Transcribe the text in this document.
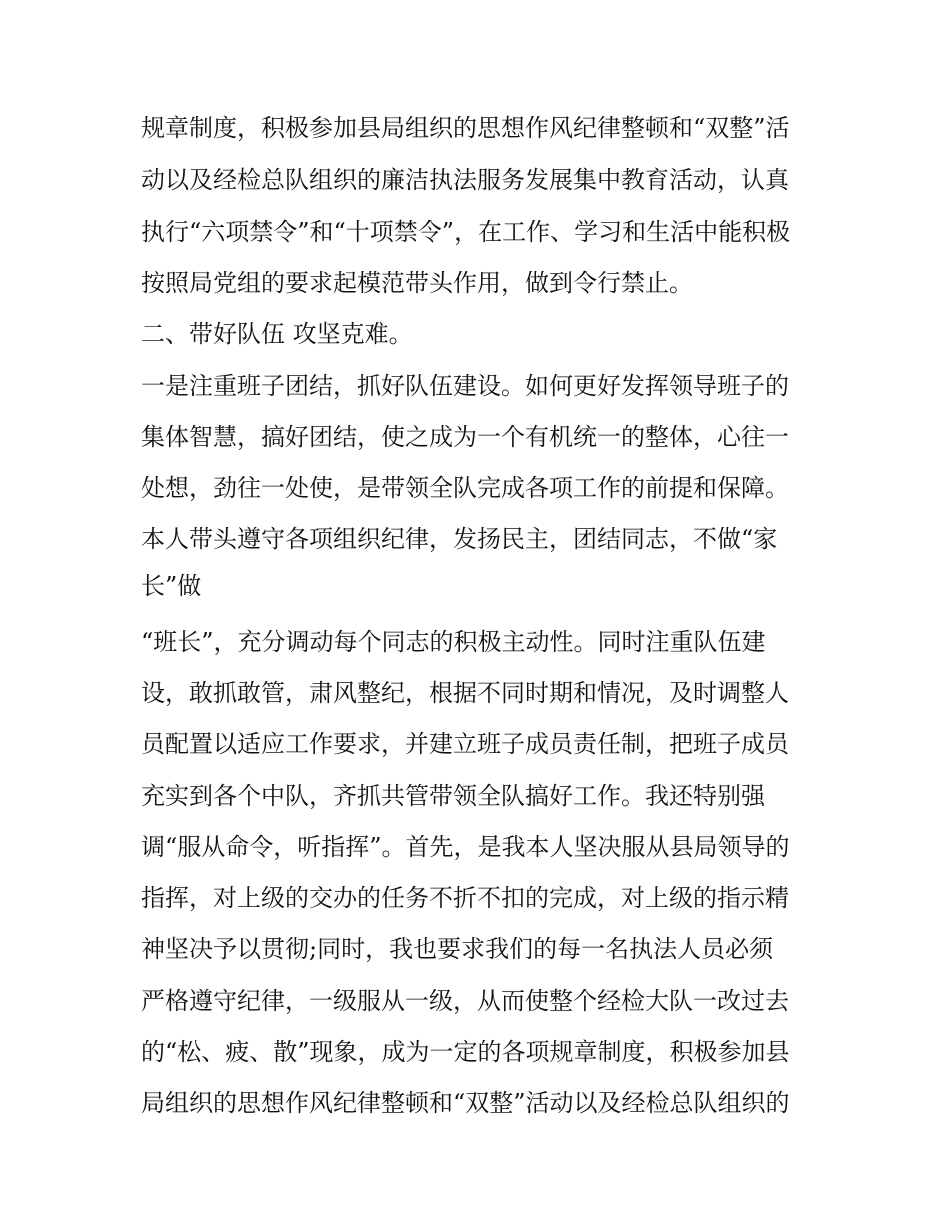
规章制度，积极参加县局组织的思想作风纪律整顿和“双整”活
动以及经检总队组织的廉洁执法服务发展集中教育活动，认真
执行“六项禁令”和“十项禁令”，在工作、学习和生活中能积极
按照局党组的要求起模范带头作用，做到令行禁止。
二、带好队伍 攻坚克难。
一是注重班子团结，抓好队伍建设。如何更好发挥领导班子的
集体智慧，搞好团结，使之成为一个有机统一的整体，心往一
处想，劲往一处使，是带领全队完成各项工作的前提和保障。
本人带头遵守各项组织纪律，发扬民主，团结同志，不做“家
长”做
“班长”，充分调动每个同志的积极主动性。同时注重队伍建
设，敢抓敢管，肃风整纪，根据不同时期和情况，及时调整人
员配置以适应工作要求，并建立班子成员责任制，把班子成员
充实到各个中队，齐抓共管带领全队搞好工作。我还特别强
调“服从命令，听指挥”。首先，是我本人坚决服从县局领导的
指挥，对上级的交办的任务不折不扣的完成，对上级的指示精
神坚决予以贯彻;同时，我也要求我们的每一名执法人员必须
严格遵守纪律，一级服从一级，从而使整个经检大队一改过去
的“松、疲、散”现象，成为一定的各项规章制度，积极参加县
局组织的思想作风纪律整顿和“双整”活动以及经检总队组织的
